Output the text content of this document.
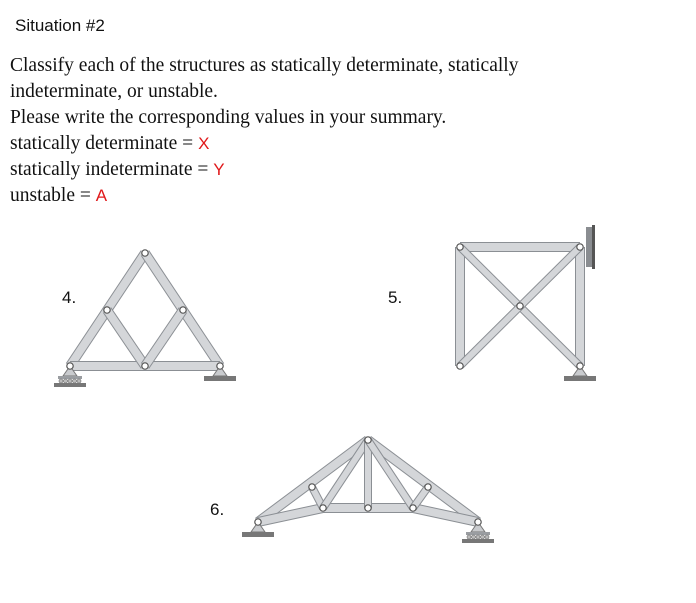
Situation #2
Classify each of the structures as statically determinate, statically
indeterminate, or unstable.
Please write the corresponding values in your summary.
statically determinate = X
statically indeterminate = Y
unstable = A
4.	5.
6.
